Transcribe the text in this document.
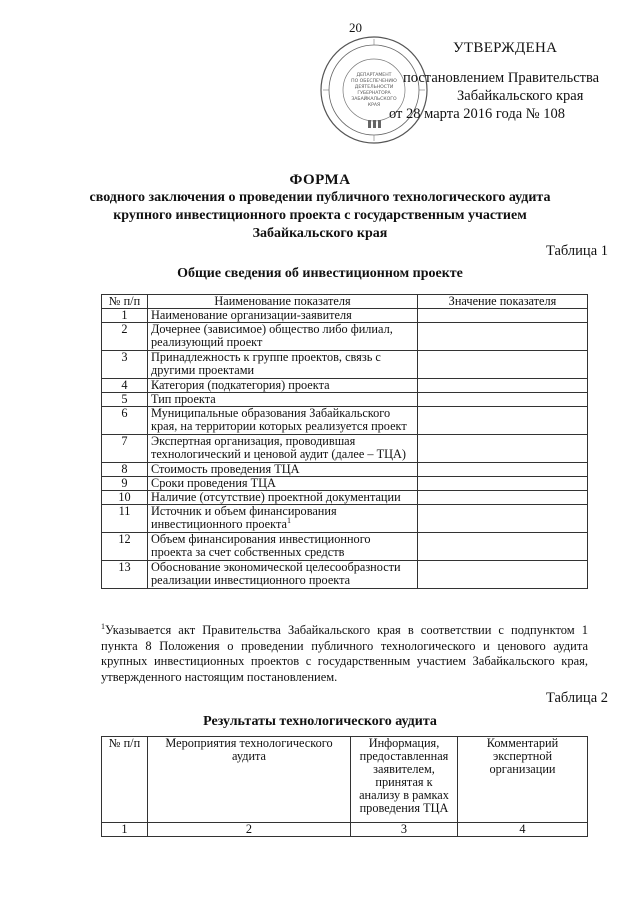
20
ДЕПАРТАМЕНТ
ПО ОБЕСПЕЧЕНИЮ
ДЕЯТЕЛЬНОСТИ
ГУБЕРНАТОРА
ЗАБАЙКАЛЬСКОГО
КРАЯ
УТВЕРЖДЕНА
постановлением Правительства
Забайкальского края
от 28 марта 2016 года № 108
ФОРМА
сводного заключения о проведении публичного технологического аудита
крупного инвестиционного проекта с государственным участием
Забайкальского края
Таблица 1
Общие сведения об инвестиционном проекте
№ п/п	Наименование показателя	Значение показателя
1	Наименование организации-заявителя	
2	Дочернее (зависимое) общество либо филиал, реализующий проект	
3	Принадлежность к группе проектов, связь с другими проектами	
4	Категория (подкатегория) проекта	
5	Тип проекта	
6	Муниципальные образования Забайкальского края, на территории которых реализуется проект	
7	Экспертная организация, проводившая технологический и ценовой аудит (далее – ТЦА)	
8	Стоимость проведения ТЦА	
9	Сроки проведения ТЦА	
10	Наличие (отсутствие) проектной документации	
11	Источник и объем финансирования инвестиционного проекта$^1$	
12	Объем финансирования инвестиционного проекта за счет собственных средств	
13	Обоснование экономической целесообразности реализации инвестиционного проекта	
$^1$Указывается акт Правительства Забайкальского края в соответствии с подпунктом 1 пункта 8 Положения о проведении публичного технологического и ценового аудита крупных инвестиционных проектов с государственным участием Забайкальского края, утвержденного настоящим постановлением.
Таблица 2
Результаты технологического аудита
№ п/п	Мероприятия технологического аудита	Информация, предоставленная заявителем, принятая к анализу в рамках проведения ТЦА	Комментарий экспертной организации
1	2	3	4
